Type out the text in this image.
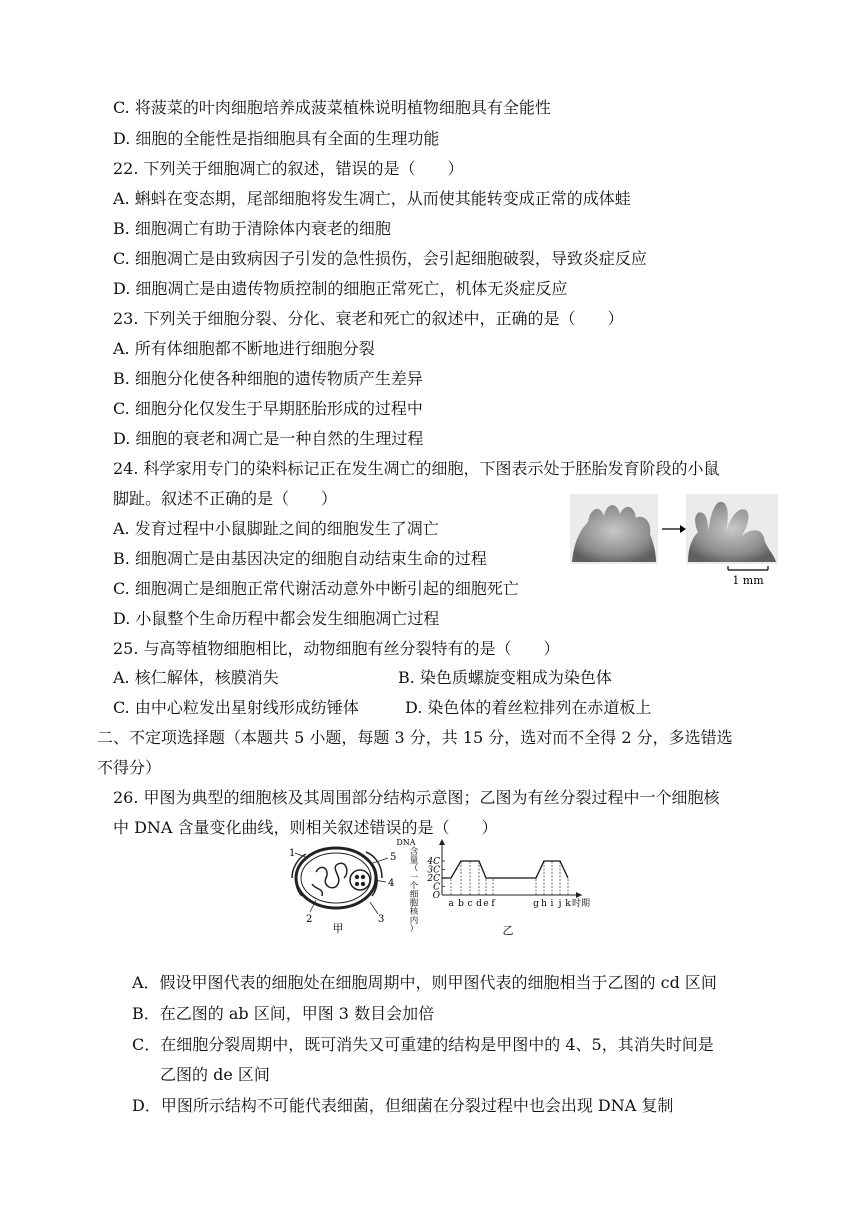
C. 将菠菜的叶肉细胞培养成菠菜植株说明植物细胞具有全能性
D. 细胞的全能性是指细胞具有全面的生理功能
22. 下列关于细胞凋亡的叙述，错误的是（　　）
A. 蝌蚪在变态期，尾部细胞将发生凋亡，从而使其能转变成正常的成体蛙
B. 细胞凋亡有助于清除体内衰老的细胞
C. 细胞凋亡是由致病因子引发的急性损伤，会引起细胞破裂，导致炎症反应
D. 细胞凋亡是由遗传物质控制的细胞正常死亡，机体无炎症反应
23. 下列关于细胞分裂、分化、衰老和死亡的叙述中，正确的是（　　）
A. 所有体细胞都不断地进行细胞分裂
B. 细胞分化使各种细胞的遗传物质产生差异
C. 细胞分化仅发生于早期胚胎形成的过程中
D. 细胞的衰老和凋亡是一种自然的生理过程
24. 科学家用专门的染料标记正在发生凋亡的细胞，下图表示处于胚胎发育阶段的小鼠
脚趾。叙述不正确的是（　　）
A. 发育过程中小鼠脚趾之间的细胞发生了凋亡
B. 细胞凋亡是由基因决定的细胞自动结束生命的过程
C. 细胞凋亡是细胞正常代谢活动意外中断引起的细胞死亡
D. 小鼠整个生命历程中都会发生细胞凋亡过程
1 mm
25. 与高等植物细胞相比，动物细胞有丝分裂特有的是（　　）
A. 核仁解体，核膜消失	B. 染色质螺旋变粗成为染色体
C. 由中心粒发出星射线形成纺锤体	D. 染色体的着丝粒排列在赤道板上
二、不定项选择题（本题共 5 小题，每题 3 分，共 15 分，选对而不全得 2 分，多选错选
不得分）
26. 甲图为典型的细胞核及其周围部分结构示意图；乙图为有丝分裂过程中一个细胞核
中 DNA 含量变化曲线，则相关叙述错误的是（　　）
1
2	3
4
5
甲
DNA
含
量
（
一
个
细
胞
核
内
）
4C
3C
2C
C
O
a b c d e f	g h i j k 时期
乙
A．假设甲图代表的细胞处在细胞周期中，则甲图代表的细胞相当于乙图的 cd 区间
B．在乙图的 ab 区间，甲图 3 数目会加倍
C．在细胞分裂周期中，既可消失又可重建的结构是甲图中的 4、5，其消失时间是
乙图的 de 区间
D．甲图所示结构不可能代表细菌，但细菌在分裂过程中也会出现 DNA 复制
